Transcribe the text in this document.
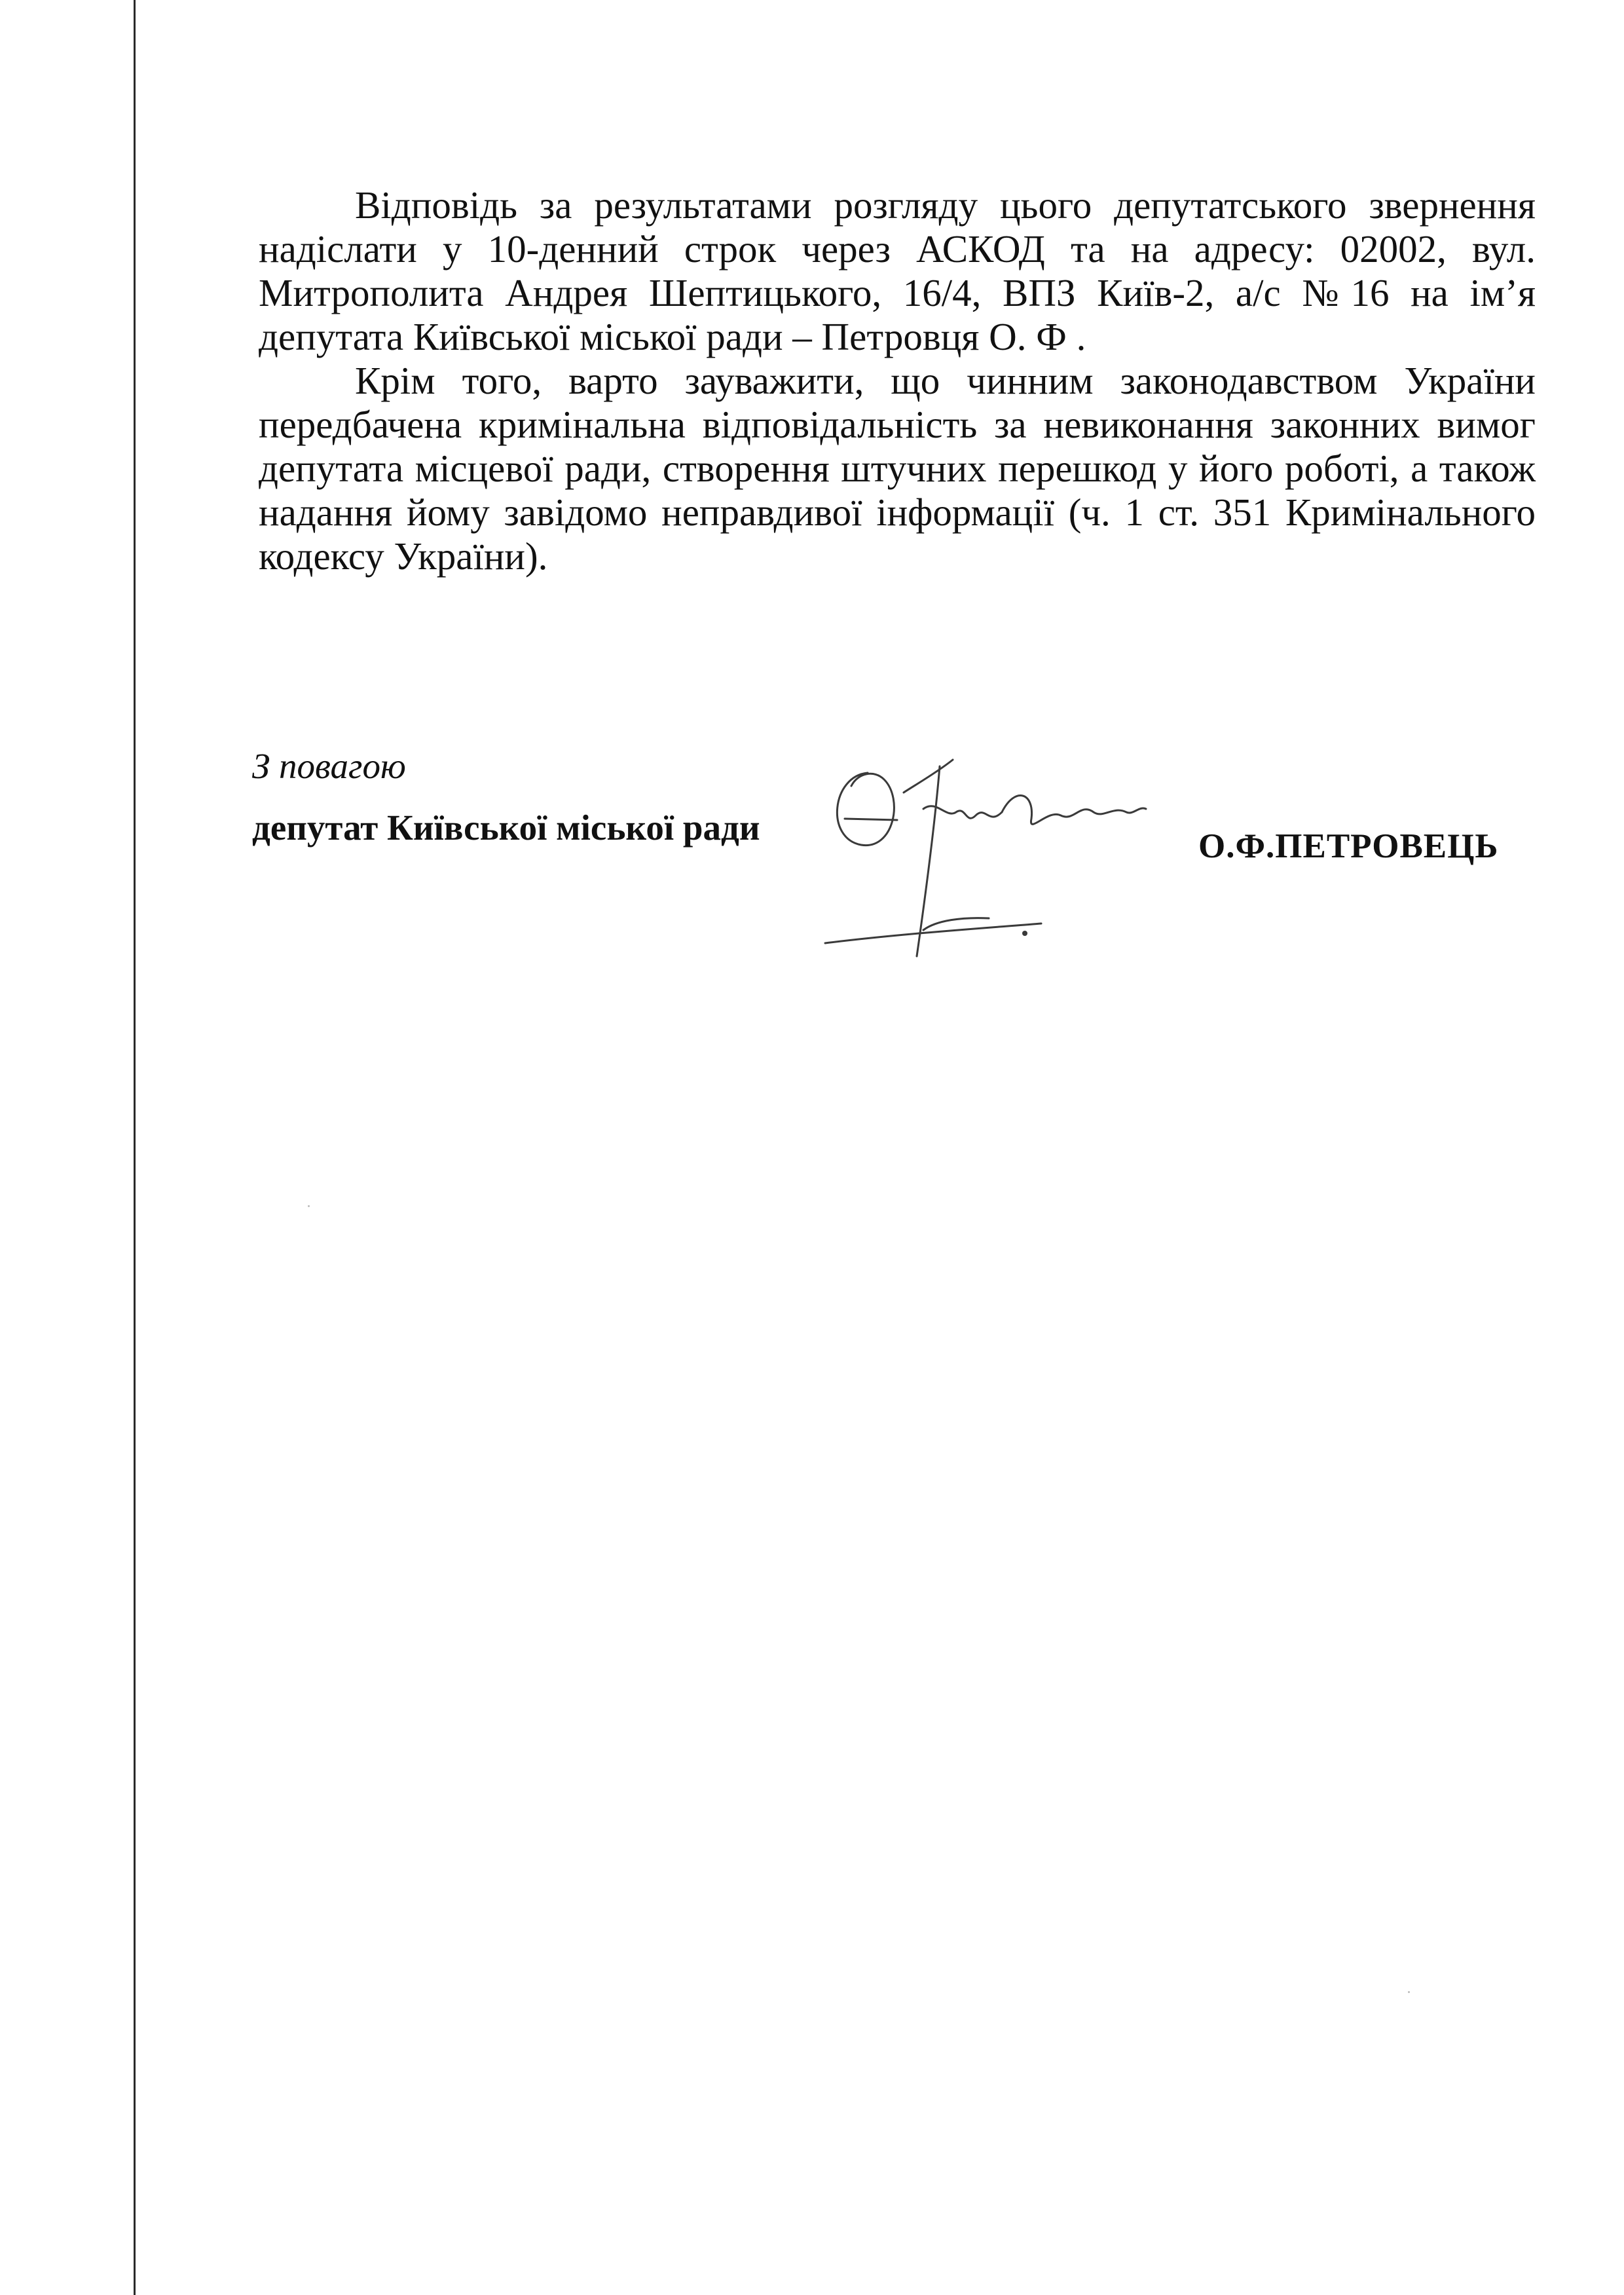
Відповідь за результатами розгляду цього депутатського звернення надіслати у 10-денний строк через АСКОД та на адресу: 02002, вул. Митрополита Андрея Шептицького, 16/4, ВПЗ Київ-2, а/с №16 на ім’я депутата Київської міської ради – Петровця О. Ф .

Крім того, варто зауважити, що чинним законодавством України передбачена кримінальна відповідальність за невиконання законних вимог депутата місцевої ради, створення штучних перешкод у його роботі, а також надання йому завідомо неправдивої інформації (ч. 1 ст. 351 Кримінального кодексу України).

З повагою
депутат Київської міської ради	О.Ф.ПЕТРОВЕЦЬ
